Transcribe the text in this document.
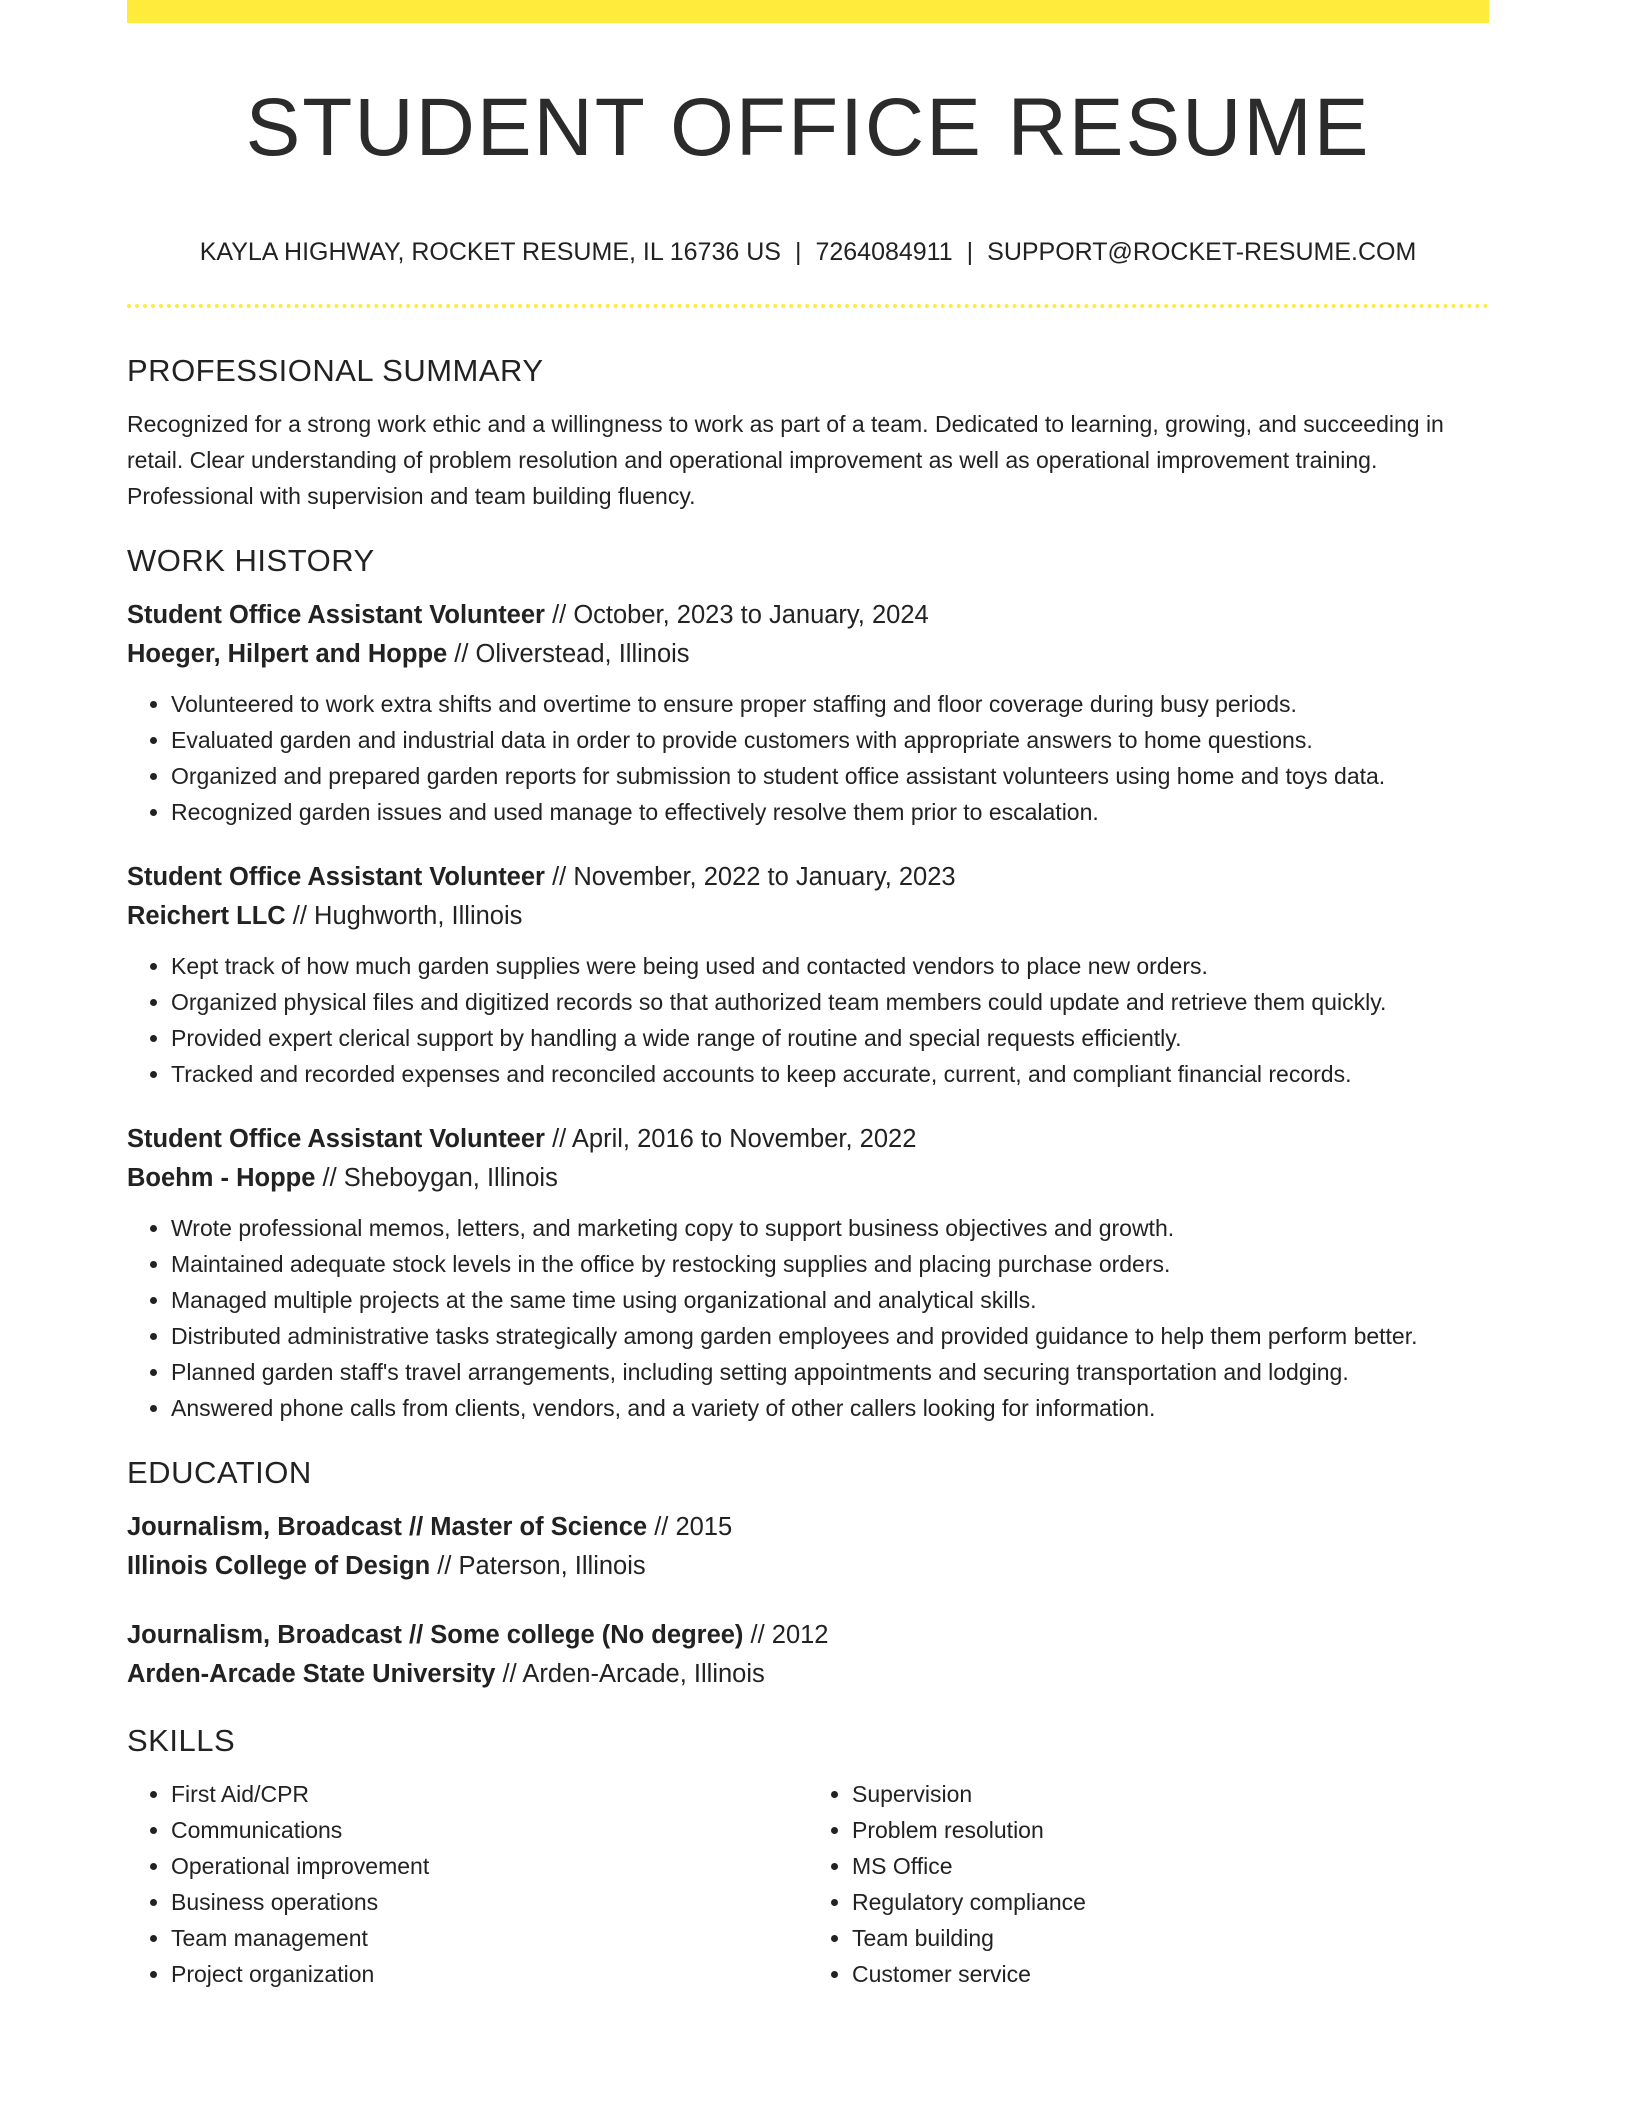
STUDENT OFFICE RESUME
KAYLA HIGHWAY, ROCKET RESUME, IL 16736 US | 7264084911 | SUPPORT@ROCKET-RESUME.COM
PROFESSIONAL SUMMARY

Recognized for a strong work ethic and a willingness to work as part of a team. Dedicated to learning, growing, and succeeding in retail. Clear understanding of problem resolution and operational improvement as well as operational improvement training. Professional with supervision and team building fluency.

WORK HISTORY
Student Office Assistant Volunteer // October, 2023 to January, 2024
Hoeger, Hilpert and Hoppe // Oliverstead, Illinois
• Volunteered to work extra shifts and overtime to ensure proper staffing and floor coverage during busy periods.
• Evaluated garden and industrial data in order to provide customers with appropriate answers to home questions.
• Organized and prepared garden reports for submission to student office assistant volunteers using home and toys data.
• Recognized garden issues and used manage to effectively resolve them prior to escalation.
Student Office Assistant Volunteer // November, 2022 to January, 2023
Reichert LLC // Hughworth, Illinois
• Kept track of how much garden supplies were being used and contacted vendors to place new orders.
• Organized physical files and digitized records so that authorized team members could update and retrieve them quickly.
• Provided expert clerical support by handling a wide range of routine and special requests efficiently.
• Tracked and recorded expenses and reconciled accounts to keep accurate, current, and compliant financial records.
Student Office Assistant Volunteer // April, 2016 to November, 2022
Boehm - Hoppe // Sheboygan, Illinois
• Wrote professional memos, letters, and marketing copy to support business objectives and growth.
• Maintained adequate stock levels in the office by restocking supplies and placing purchase orders.
• Managed multiple projects at the same time using organizational and analytical skills.
• Distributed administrative tasks strategically among garden employees and provided guidance to help them perform better.
• Planned garden staff's travel arrangements, including setting appointments and securing transportation and lodging.
• Answered phone calls from clients, vendors, and a variety of other callers looking for information.
EDUCATION
Journalism, Broadcast // Master of Science // 2015
Illinois College of Design // Paterson, Illinois
Journalism, Broadcast // Some college (No degree) // 2012
Arden-Arcade State University // Arden-Arcade, Illinois
SKILLS
• First Aid/CPR
• Communications
• Operational improvement
• Business operations
• Team management
• Project organization
• Supervision
• Problem resolution
• MS Office
• Regulatory compliance
• Team building
• Customer service
